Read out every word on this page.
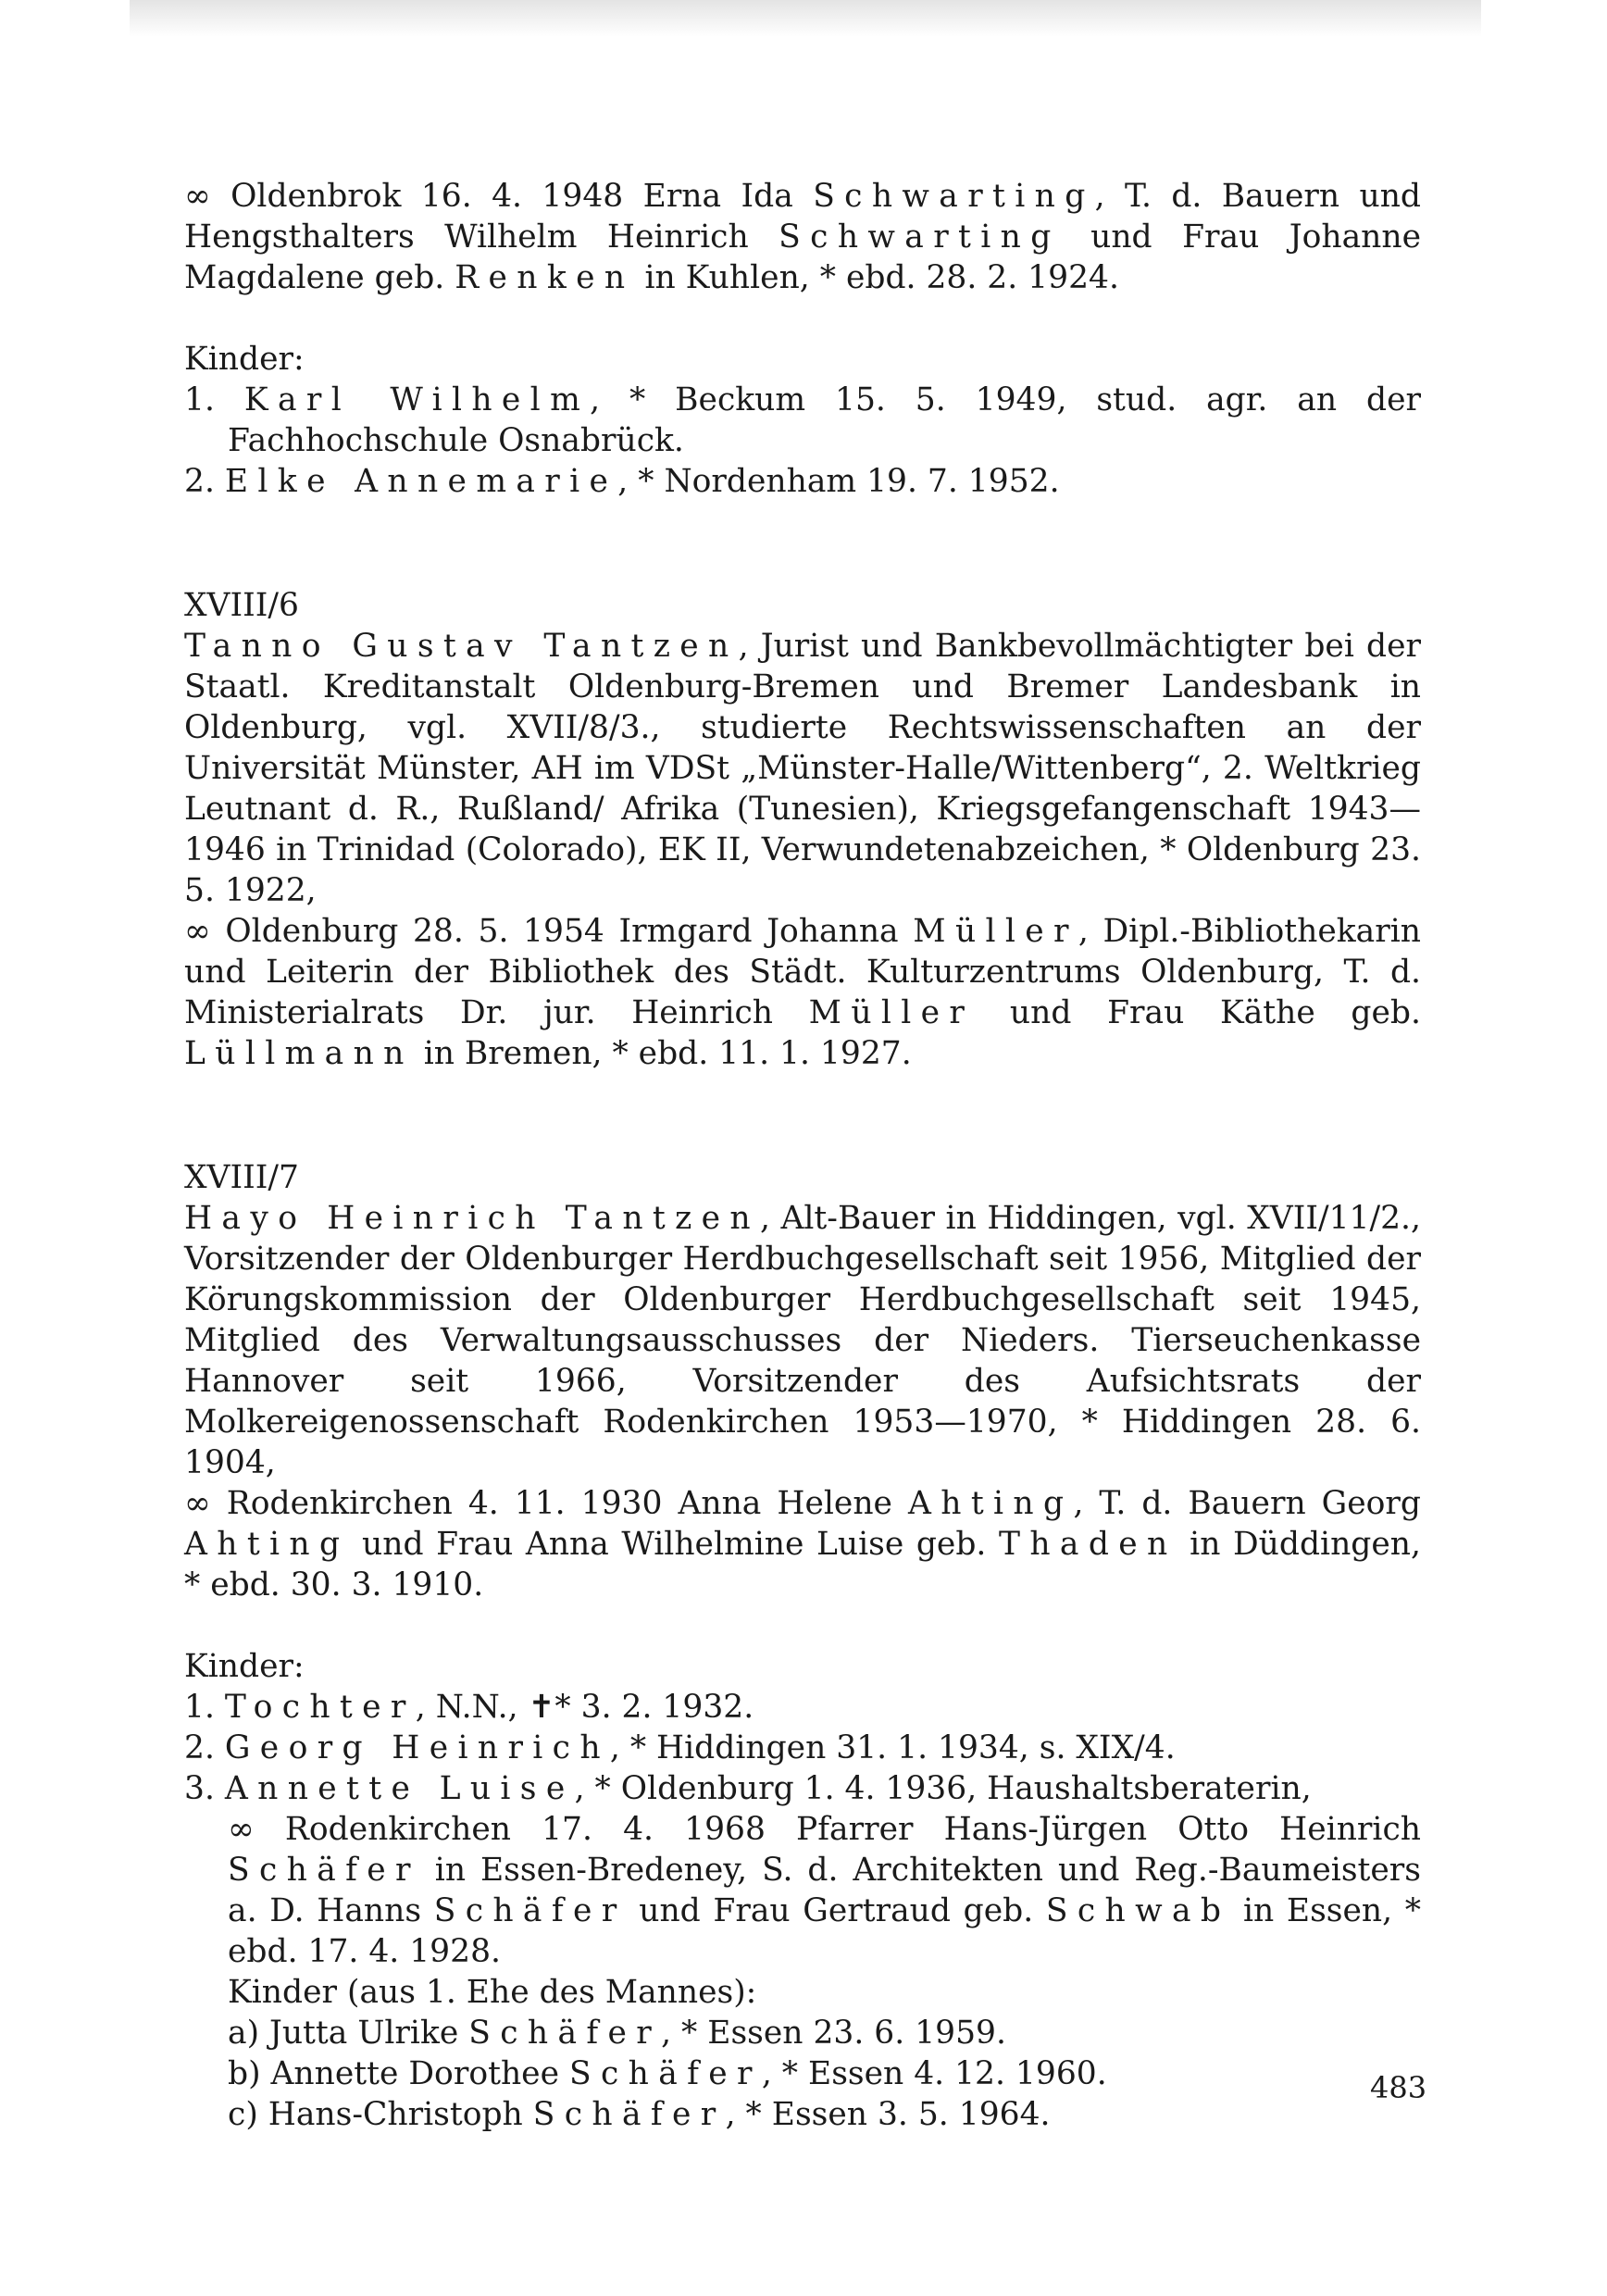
∞ Oldenbrok 16. 4. 1948 Erna Ida Schwarting, T. d. Bauern und Hengsthalters Wilhelm Heinrich Schwarting und Frau Johanne Magdalene geb. Renken in Kuhlen, * ebd. 28. 2. 1924.

Kinder:

1. Karl Wilhelm, * Beckum 15. 5. 1949, stud. agr. an der Fachhochschule Osnabrück.

2. Elke Annemarie, * Nordenham 19. 7. 1952.

XVIII/6

Tanno Gustav Tantzen, Jurist und Bankbevollmächtigter bei der Staatl. Kreditanstalt Oldenburg-Bremen und Bremer Landesbank in Oldenburg, vgl. XVII/8/3., studierte Rechtswissenschaften an der Universität Münster, AH im VDSt „Münster-Halle/Wittenberg“, 2. Weltkrieg Leutnant d. R., Rußland/ Afrika (Tunesien), Kriegsgefangenschaft 1943—1946 in Trinidad (Colorado), EK II, Verwundetenabzeichen, * Oldenburg 23. 5. 1922,

∞ Oldenburg 28. 5. 1954 Irmgard Johanna Müller, Dipl.-Bibliothekarin und Leiterin der Bibliothek des Städt. Kulturzentrums Oldenburg, T. d. Ministerialrats Dr. jur. Heinrich Müller und Frau Käthe geb. Lüllmann in Bremen, * ebd. 11. 1. 1927.

XVIII/7

Hayo Heinrich Tantzen, Alt-Bauer in Hiddingen, vgl. XVII/11/2., Vorsitzender der Oldenburger Herdbuchgesellschaft seit 1956, Mitglied der Körungskommission der Oldenburger Herdbuchgesellschaft seit 1945, Mitglied des Verwaltungsausschusses der Nieders. Tierseuchenkasse Hannover seit 1966, Vorsitzender des Aufsichtsrats der Molkereigenossenschaft Rodenkirchen 1953—1970, * Hiddingen 28. 6. 1904,

∞ Rodenkirchen 4. 11. 1930 Anna Helene Ahting, T. d. Bauern Georg Ahting und Frau Anna Wilhelmine Luise geb. Thaden in Düddingen, * ebd. 30. 3. 1910.

Kinder:

1. Tochter, N.N., ✝* 3. 2. 1932.

2. Georg Heinrich, * Hiddingen 31. 1. 1934, s. XIX/4.

3. Annette Luise, * Oldenburg 1. 4. 1936, Haushaltsberaterin,

∞ Rodenkirchen 17. 4. 1968 Pfarrer Hans-Jürgen Otto Heinrich Schäfer in Essen-Bredeney, S. d. Architekten und Reg.-Baumeisters a. D. Hanns Schäfer und Frau Gertraud geb. Schwab in Essen, * ebd. 17. 4. 1928.

Kinder (aus 1. Ehe des Mannes):

a) Jutta Ulrike Schäfer, * Essen 23. 6. 1959.

b) Annette Dorothee Schäfer, * Essen 4. 12. 1960.

c) Hans-Christoph Schäfer, * Essen 3. 5. 1964.

483
